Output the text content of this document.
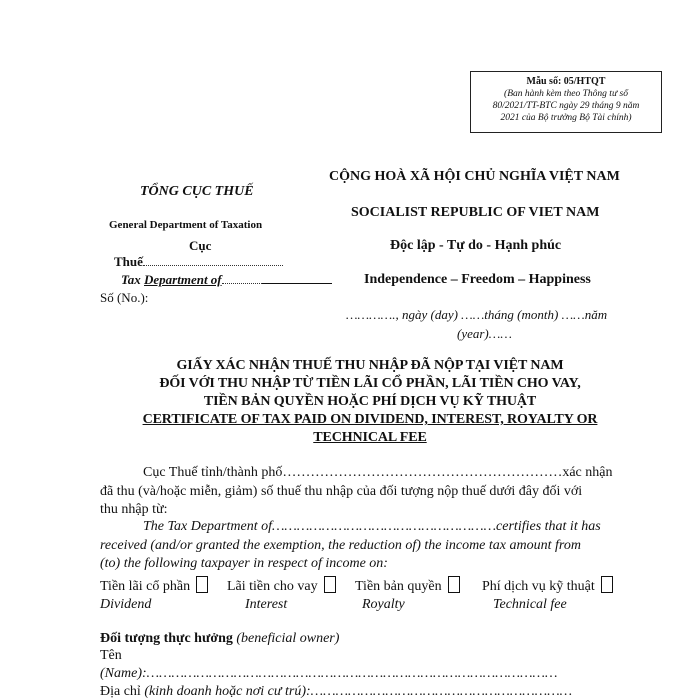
Mẫu số: 05/HTQT
(Ban hành kèm theo Thông tư số
80/2021/TT-BTC ngày 29 tháng 9 năm
2021 của Bộ trưởng Bộ Tài chính)
CỘNG HOÀ XÃ HỘI CHỦ NGHĨA VIỆT NAM
SOCIALIST REPUBLIC OF VIET NAM
Độc lập - Tự do - Hạnh phúc
Independence – Freedom – Happiness
…………., ngày (day) ……tháng (month) ……năm
(year)……
TỔNG CỤC THUẾ
General Department of Taxation
Cục
Thuế
Tax Department of
Số (No.):
GIẤY XÁC NHẬN THUẾ THU NHẬP ĐÃ NỘP TẠI VIỆT NAM
ĐỐI VỚI THU NHẬP TỪ TIỀN LÃI CỔ PHẦN, LÃI TIỀN CHO VAY,
TIỀN BẢN QUYỀN HOẶC PHÍ DỊCH VỤ KỸ THUẬT
CERTIFICATE OF TAX PAID ON DIVIDEND, INTEREST, ROYALTY OR
TECHNICAL FEE
Cục Thuế tỉnh/thành phố……………………………………………………xác nhận
đã thu (và/hoặc miễn, giảm) số thuế thu nhập của đối tượng nộp thuế dưới đây đối với
thu nhập từ:
The Tax Department of………………………………………………certifies that it has
received (and/or granted the exemption, the reduction of) the income tax amount from
(to) the following taxpayer in respect of income on:
Tiền lãi cổ phần	Lãi tiền cho vay	Tiền bản quyền	Phí dịch vụ kỹ thuật
Dividend	Interest	Royalty	Technical fee
Đối tượng thực hưởng (beneficial owner)
Tên
(Name):………………………………………………………………………………………
Địa chỉ (kinh doanh hoặc nơi cư trú):………………………………………………………
